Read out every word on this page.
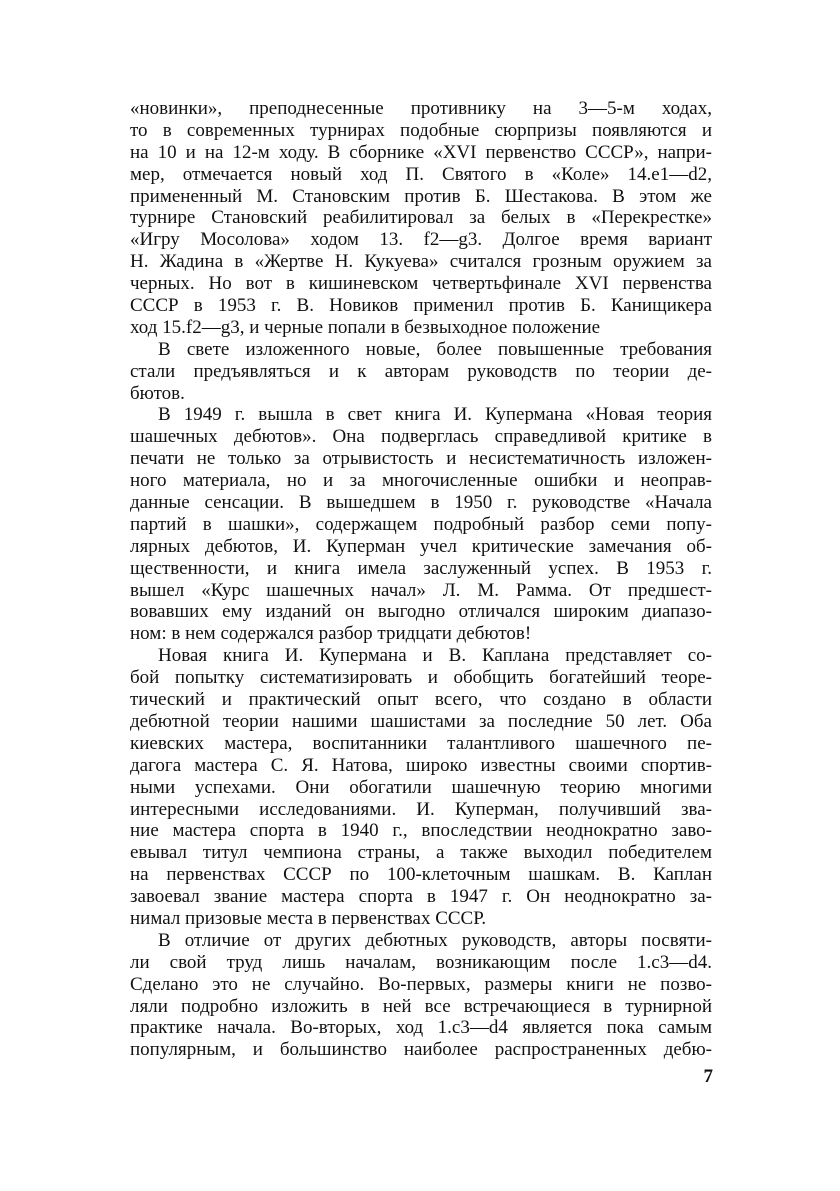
«новинки», преподнесенные противнику на 3—5-м ходах,
то в современных турнирах подобные сюрпризы появляются и
на 10 и на 12-м ходу. В сборнике «XVI первенство СССР», напри-
мер, отмечается новый ход П. Святого в «Коле» 14.e1—d2,
примененный М. Становским против Б. Шестакова. В этом же
турнире Становский реабилитировал за белых в «Перекрестке»
«Игру Мосолова» ходом 13. f2—g3. Долгое время вариант
Н. Жадина в «Жертве Н. Кукуева» считался грозным оружием за
черных. Но вот в кишиневском четвертьфинале XVI первенства
СССР в 1953 г. В. Новиков применил против Б. Канищикера
ход 15.f2—g3, и черные попали в безвыходное положение
В свете изложенного новые, более повышенные требования
стали предъявляться и к авторам руководств по теории де-
бютов.
В 1949 г. вышла в свет книга И. Купермана «Новая теория
шашечных дебютов». Она подверглась справедливой критике в
печати не только за отрывистость и несистематичность изложен-
ного материала, но и за многочисленные ошибки и неоправ-
данные сенсации. В вышедшем в 1950 г. руководстве «Начала
партий в шашки», содержащем подробный разбор семи попу-
лярных дебютов, И. Куперман учел критические замечания об-
щественности, и книга имела заслуженный успех. В 1953 г.
вышел «Курс шашечных начал» Л. М. Рамма. От предшест-
вовавших ему изданий он выгодно отличался широким диапазо-
ном: в нем содержался разбор тридцати дебютов!
Новая книга И. Купермана и В. Каплана представляет со-
бой попытку систематизировать и обобщить богатейший теоре-
тический и практический опыт всего, что создано в области
дебютной теории нашими шашистами за последние 50 лет. Оба
киевских мастера, воспитанники талантливого шашечного пе-
дагога мастера С. Я. Натова, широко известны своими спортив-
ными успехами. Они обогатили шашечную теорию многими
интересными исследованиями. И. Куперман, получивший зва-
ние мастера спорта в 1940 г., впоследствии неоднократно заво-
евывал титул чемпиона страны, а также выходил победителем
на первенствах СССР по 100-клеточным шашкам. В. Каплан
завоевал звание мастера спорта в 1947 г. Он неоднократно за-
нимал призовые места в первенствах СССР.
В отличие от других дебютных руководств, авторы посвяти-
ли свой труд лишь началам, возникающим после 1.c3—d4.
Сделано это не случайно. Во-первых, размеры книги не позво-
ляли подробно изложить в ней все встречающиеся в турнирной
практике начала. Во-вторых, ход 1.c3—d4 является пока самым
популярным, и большинство наиболее распространенных дебю-
7
